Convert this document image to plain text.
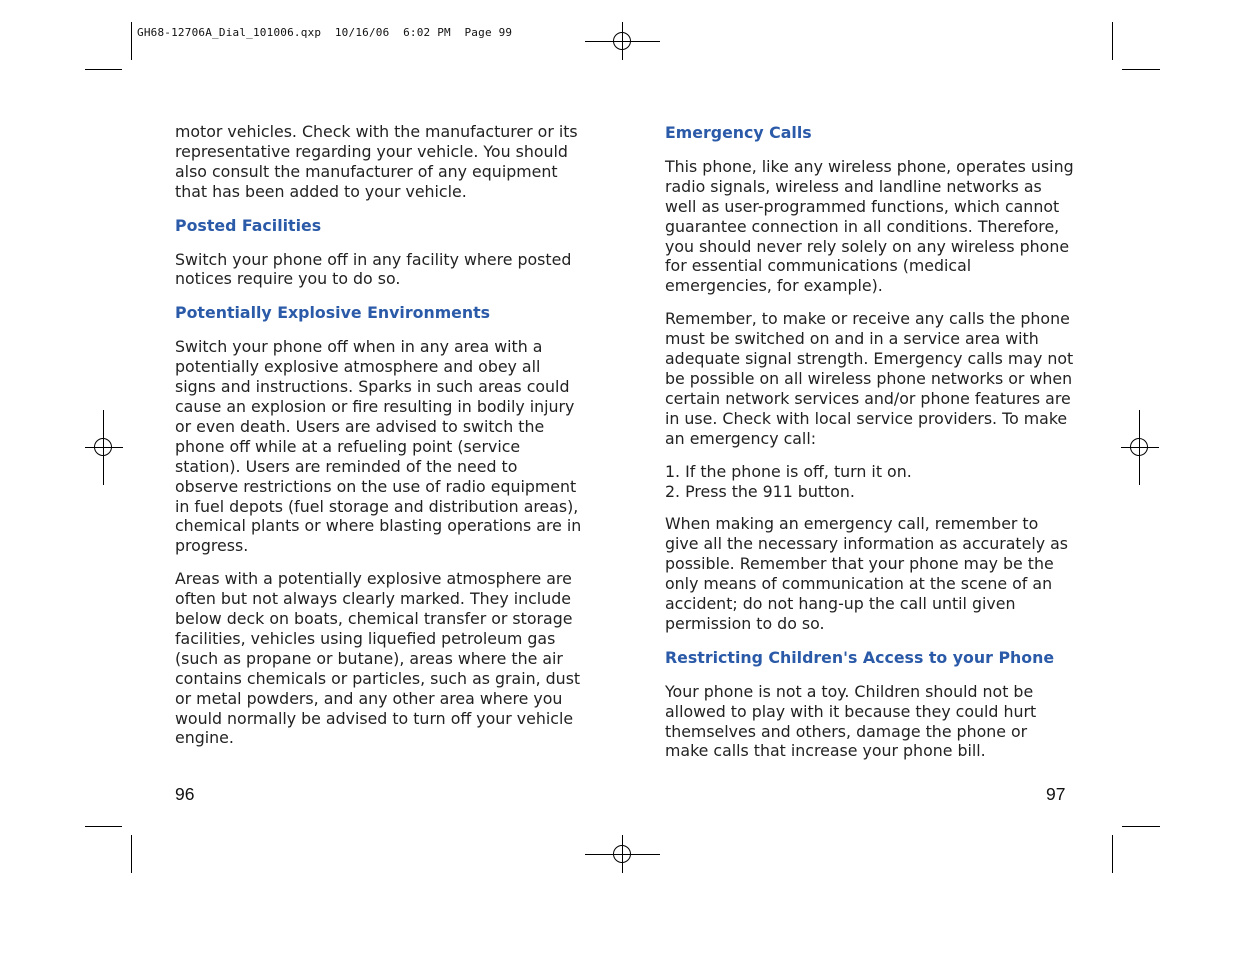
GH68-12706A_Dial_101006.qxp  10/16/06  6:02 PM  Page 99

motor vehicles. Check with the manufacturer or its representative regarding your vehicle. You should also consult the manufacturer of any equipment that has been added to your vehicle.

Posted Facilities

Switch your phone off in any facility where posted notices require you to do so.

Potentially Explosive Environments

Switch your phone off when in any area with a potentially explosive atmosphere and obey all signs and instructions. Sparks in such areas could cause an explosion or fire resulting in bodily injury or even death. Users are advised to switch the phone off while at a refueling point (service station). Users are reminded of the need to observe restrictions on the use of radio equipment in fuel depots (fuel storage and distribution areas), chemical plants or where blasting operations are in progress.

Areas with a potentially explosive atmosphere are often but not always clearly marked. They include below deck on boats, chemical transfer or storage facilities, vehicles using liquefied petroleum gas (such as propane or butane), areas where the air contains chemicals or particles, such as grain, dust or metal powders, and any other area where you would normally be advised to turn off your vehicle engine.

96
Emergency Calls

This phone, like any wireless phone, operates using radio signals, wireless and landline networks as well as user-programmed functions, which cannot guarantee connection in all conditions. Therefore, you should never rely solely on any wireless phone for essential communications (medical emergencies, for example).

Remember, to make or receive any calls the phone must be switched on and in a service area with adequate signal strength. Emergency calls may not be possible on all wireless phone networks or when certain network services and/or phone features are in use. Check with local service providers. To make an emergency call:

1. If the phone is off, turn it on.

2. Press the 911 button.

When making an emergency call, remember to give all the necessary information as accurately as possible. Remember that your phone may be the only means of communication at the scene of an accident; do not hang-up the call until given permission to do so.

Restricting Children's Access to your Phone

Your phone is not a toy. Children should not be allowed to play with it because they could hurt themselves and others, damage the phone or make calls that increase your phone bill.

97
